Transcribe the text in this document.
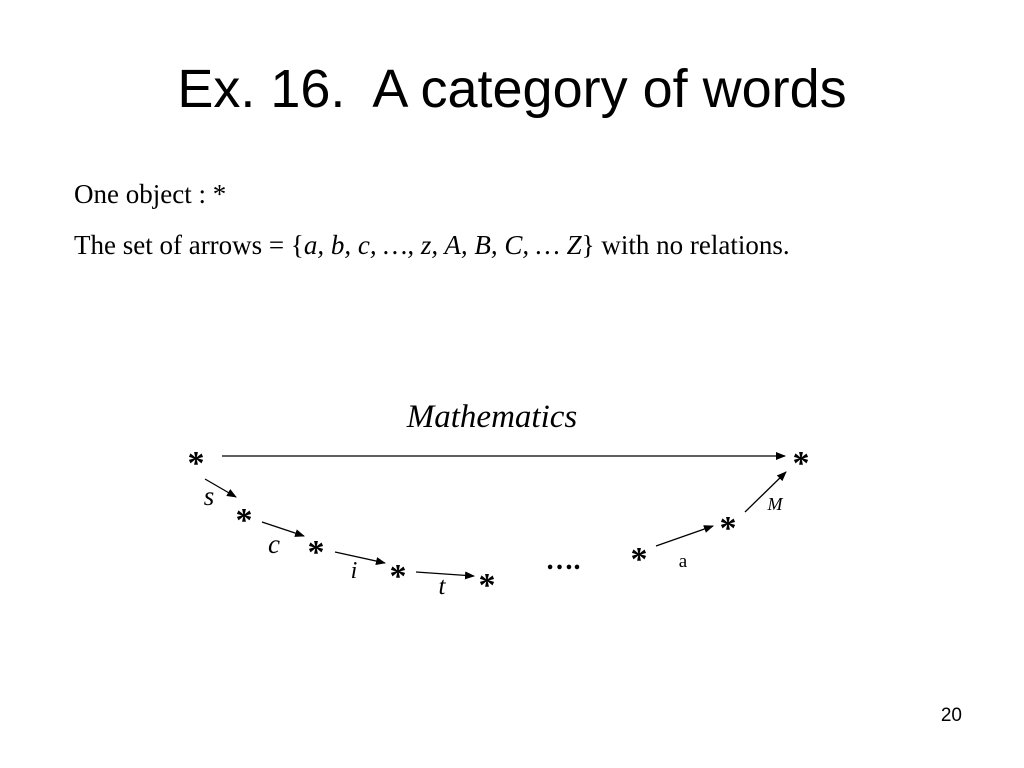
Ex. 16.  A category of words
One object : *
The set of arrows = {a, b, c, …, z, A, B, C, … Z} with no relations.
Mathematics
*	*
*
*
* *
*
*
s
c
i
t
a
M
….
20
